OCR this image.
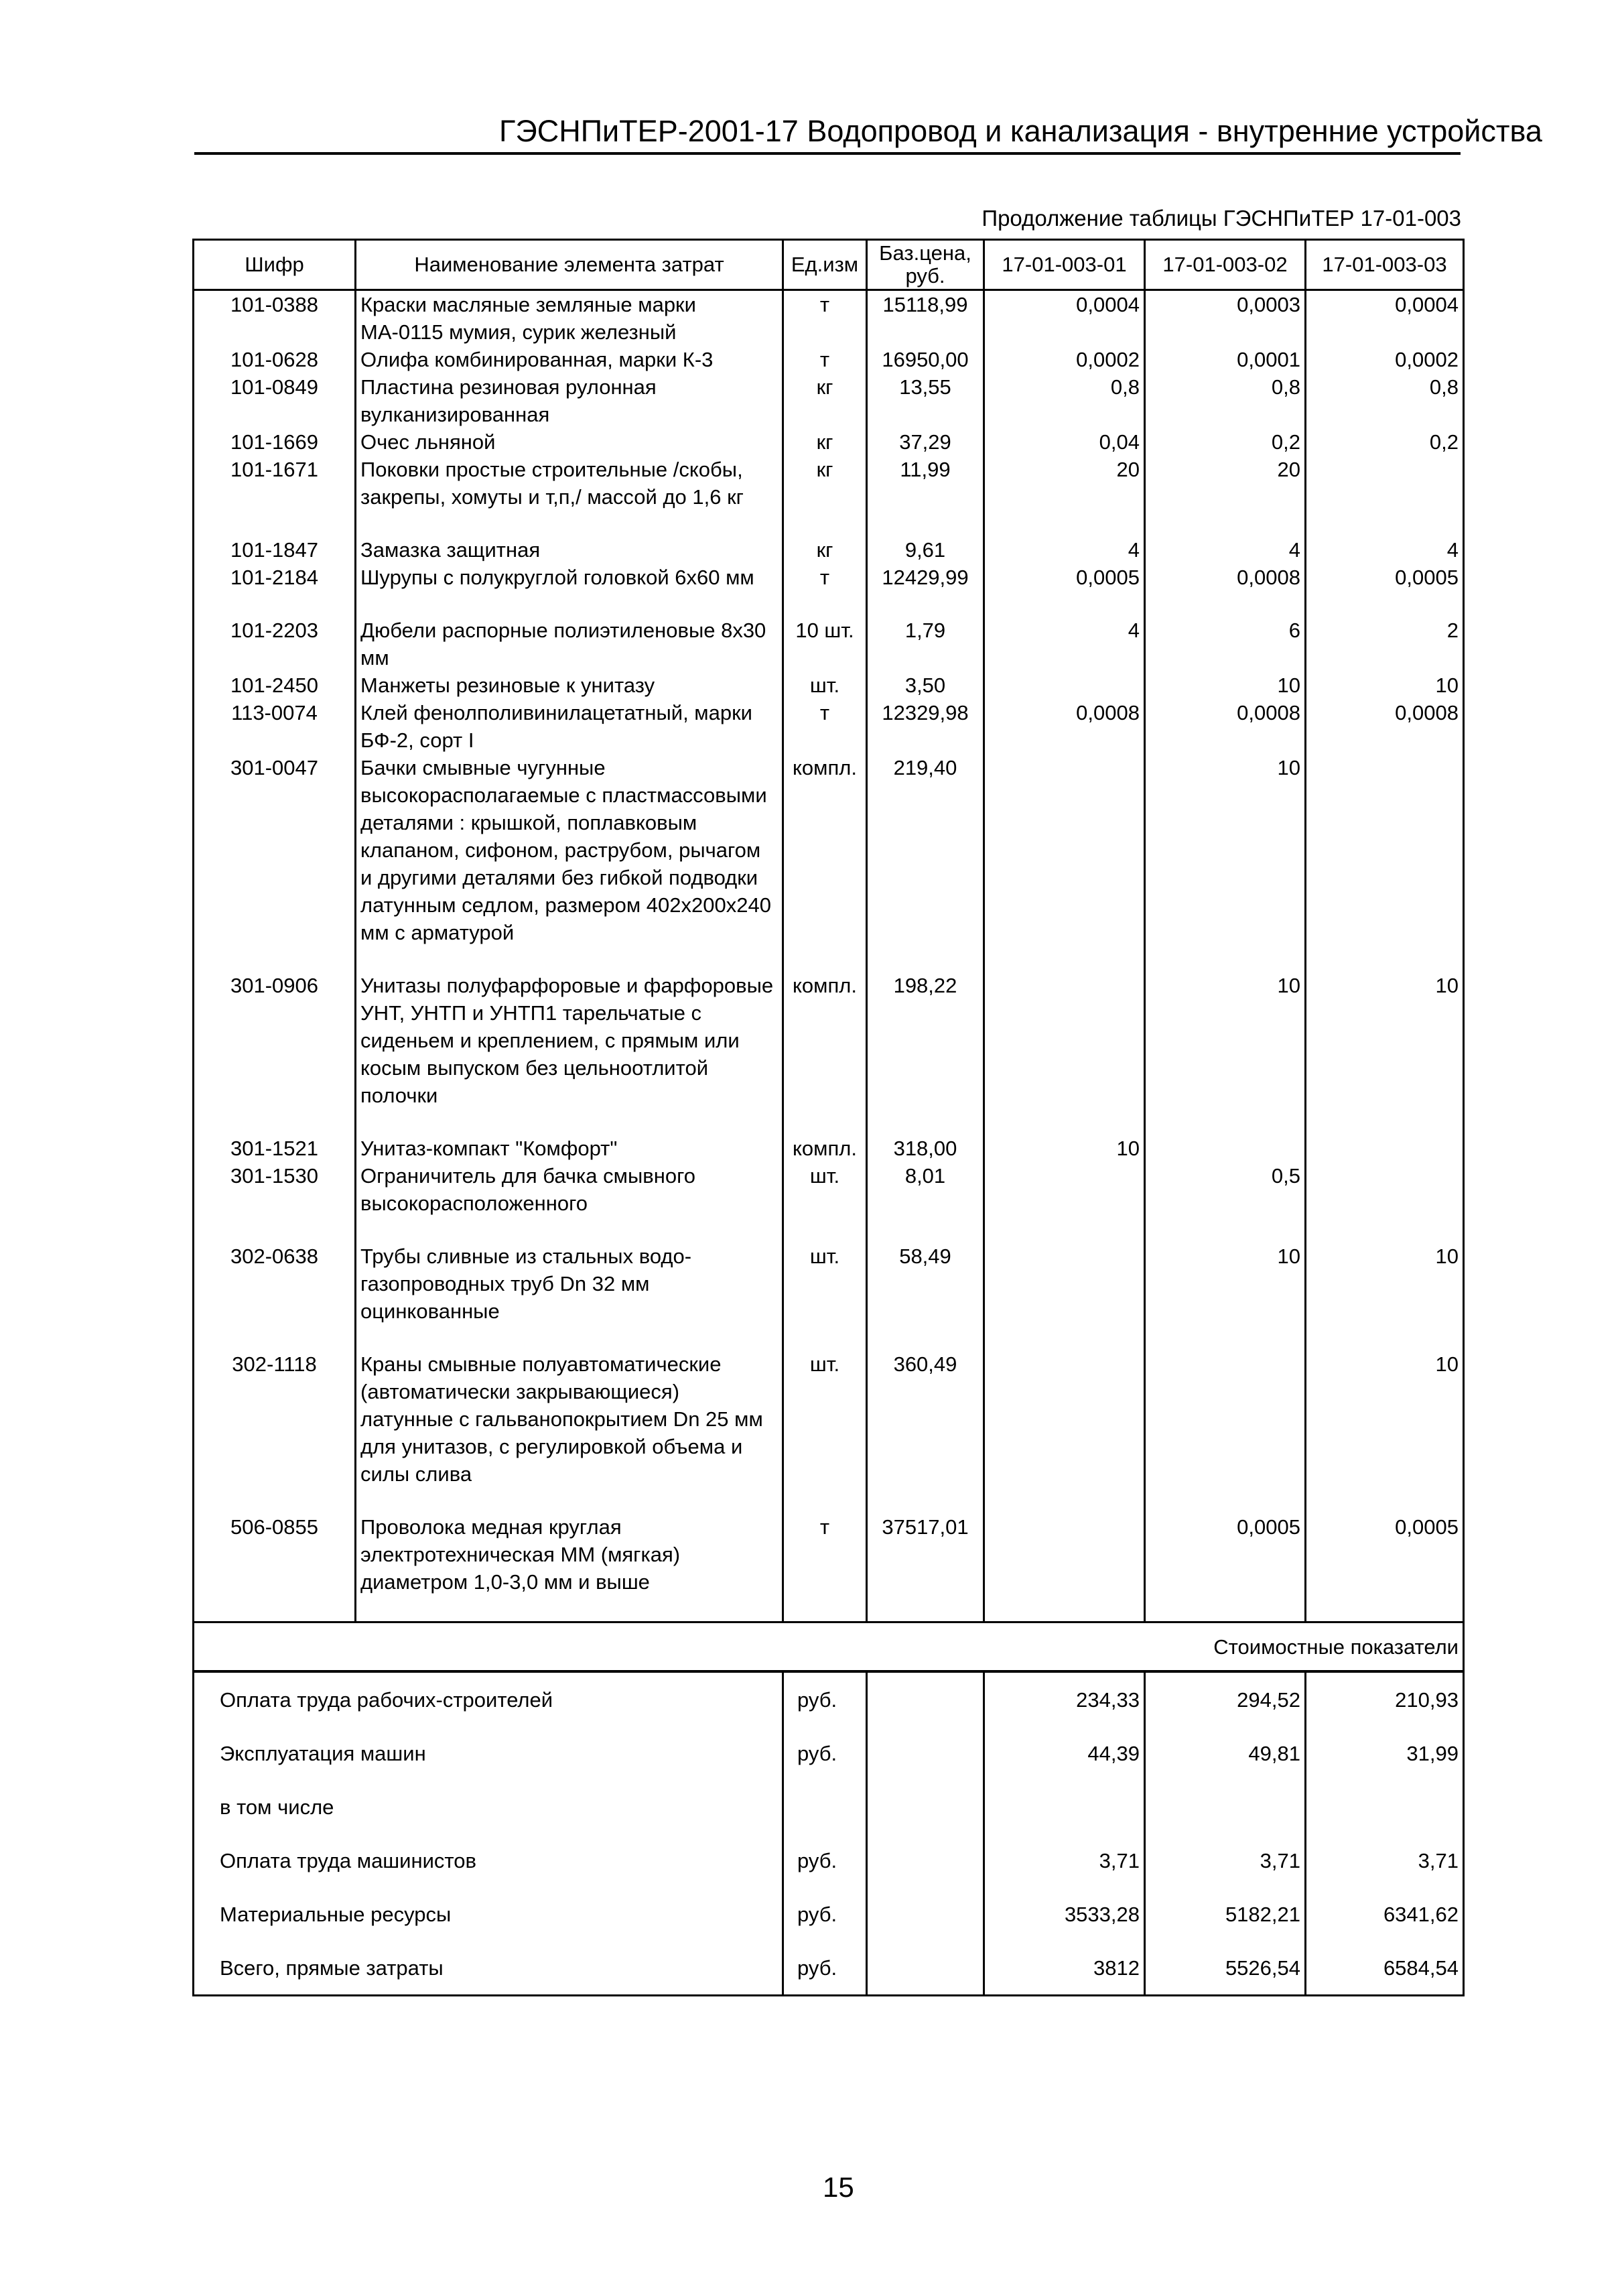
ГЭСНПиТЕР-2001-17 Водопровод и канализация - внутренние устройства
Продолжение таблицы ГЭСНПиТЕР 17-01-003
Шифр	Наименование элемента затрат	Ед.изм	Баз.цена, руб.	17-01-003-01	17-01-003-02	17-01-003-03
101-0388	Краски масляные земляные марки МА-0115 мумия, сурик железный	т	15118,99	0,0004	0,0003	0,0004
101-0628	Олифа комбинированная, марки К-3	т	16950,00	0,0002	0,0001	0,0002
101-0849	Пластина резиновая рулонная вулканизированная	кг	13,55	0,8	0,8	0,8
101-1669	Очес льняной	кг	37,29	0,04	0,2	0,2
101-1671	Поковки простые строительные /скобы, закрепы, хомуты и т,п,/ массой до 1,6 кг	кг	11,99	20	20	

101-1847	Замазка защитная	кг	9,61	4	4	4
101-2184	Шурупы с полукруглой головкой 6х60 мм	т	12429,99	0,0005	0,0008	0,0005

101-2203	Дюбели распорные полиэтиленовые 8х30 мм	10 шт.	1,79	4	6	2
101-2450	Манжеты резиновые к унитазу	шт.	3,50		10	10
113-0074	Клей фенолполивинилацетатный, марки БФ-2, сорт I	т	12329,98	0,0008	0,0008	0,0008
301-0047	Бачки смывные чугунные высокорасполагаемые с пластмассовыми деталями : крышкой, поплавковым клапаном, сифоном, раструбом, рычагом и другими деталями без гибкой подводки латунным седлом, размером 402х200х240 мм с арматурой	компл.	219,40		10	

301-0906	Унитазы полуфарфоровые и фарфоровые УНТ, УНТП и УНТП1 тарельчатые с сиденьем и креплением, с прямым или косым выпуском без цельноотлитой полочки	компл.	198,22		10	10

301-1521	Унитаз-компакт "Комфорт"	компл.	318,00	10		
301-1530	Ограничитель для бачка смывного высокорасположенного	шт.	8,01		0,5	

302-0638	Трубы сливные из стальных водо-газопроводных труб Dn 32 мм оцинкованные	шт.	58,49		10	10

302-1118	Краны смывные полуавтоматические (автоматически закрывающиеся) латунные с гальванопокрытием Dn 25 мм для унитазов, с регулировкой объема и силы слива	шт.	360,49			10

506-0855	Проволока медная круглая электротехническая ММ (мягкая) диаметром 1,0-3,0 мм и выше	т	37517,01		0,0005	0,0005

Стоимостные показатели						
Оплата труда рабочих-строителей		руб.		234,33	294,52	210,93
Эксплуатация машин		руб.		44,39	49,81	31,99
в том числе						
Оплата труда машинистов		руб.		3,71	3,71	3,71
Материальные ресурсы		руб.		3533,28	5182,21	6341,62
Всего, прямые затраты		руб.		3812	5526,54	6584,54
15
